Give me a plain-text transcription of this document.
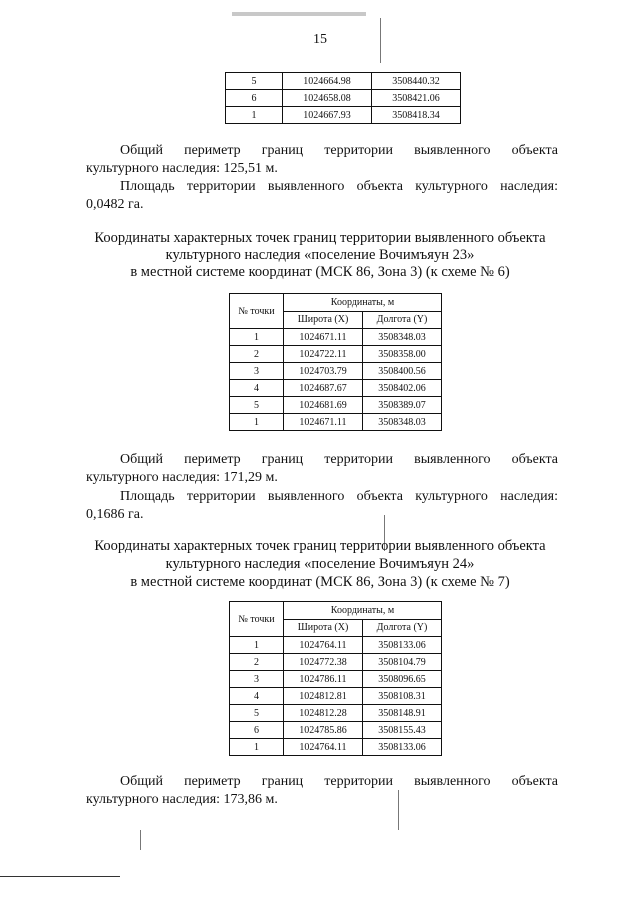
15
5	1024664.98	3508440.32
6	1024658.08	3508421.06
1	1024667.93	3508418.34
Общий периметр границ территории выявленного объекта
культурного наследия: 125,51 м.
Площадь территории выявленного объекта культурного наследия:
0,0482 га.
Координаты характерных точек границ территории выявленного объекта
культурного наследия «поселение Вочимъяун 23»
в местной системе координат (МСК 86, Зона 3) (к схеме № 6)
№ точки	Координаты, м	
	Широта (X)	Долгота (Y)
1	1024671.11	3508348.03
2	1024722.11	3508358.00
3	1024703.79	3508400.56
4	1024687.67	3508402.06
5	1024681.69	3508389.07
1	1024671.11	3508348.03
Общий периметр границ территории выявленного объекта
культурного наследия: 171,29 м.
Площадь территории выявленного объекта культурного наследия:
0,1686 га.
Координаты характерных точек границ территории выявленного объекта
культурного наследия «поселение Вочимъяун 24»
в местной системе координат (МСК 86, Зона 3) (к схеме № 7)
№ точки	Координаты, м	
	Широта (X)	Долгота (Y)
1	1024764.11	3508133.06
2	1024772.38	3508104.79
3	1024786.11	3508096.65
4	1024812.81	3508108.31
5	1024812.28	3508148.91
6	1024785.86	3508155.43
1	1024764.11	3508133.06
Общий периметр границ территории выявленного объекта
культурного наследия: 173,86 м.
